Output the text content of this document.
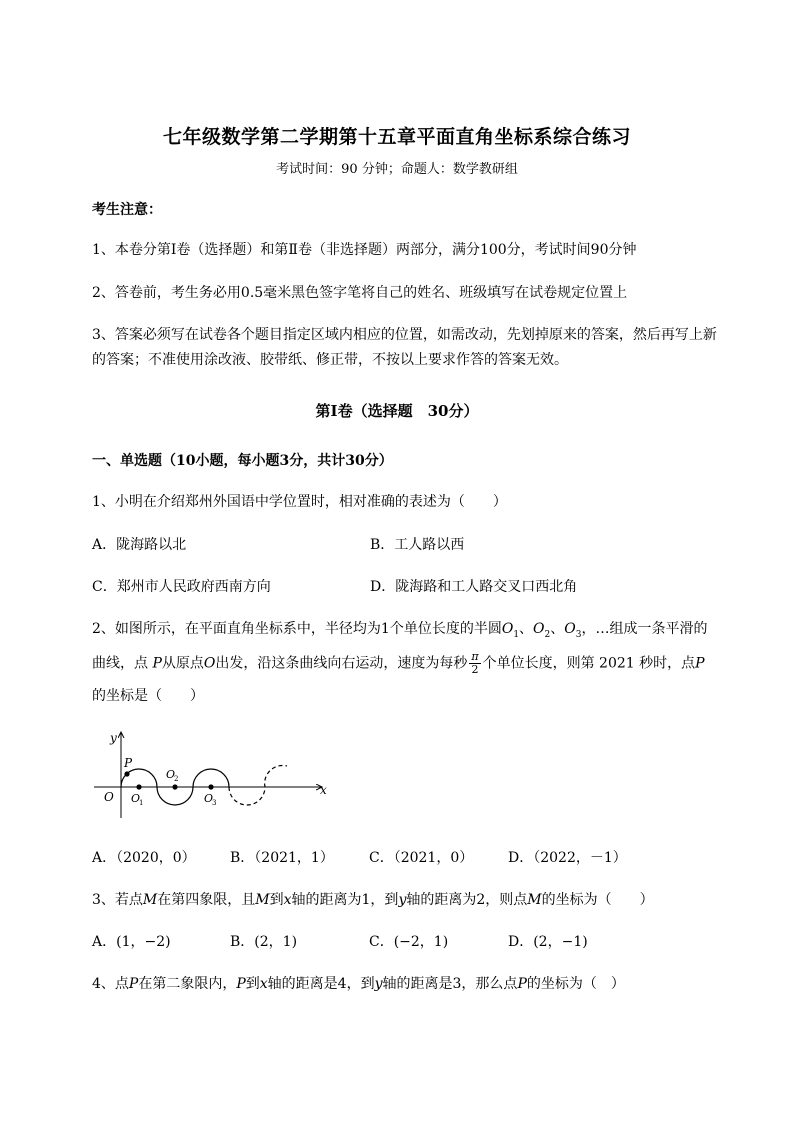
七年级数学第二学期第十五章平面直角坐标系综合练习
考试时间：90 分钟；命题人：数学教研组
考生注意：
1、本卷分第Ⅰ卷（选择题）和第Ⅱ卷（非选择题）两部分，满分100分，考试时间90分钟
2、答卷前，考生务必用0.5毫米黑色签字笔将自己的姓名、班级填写在试卷规定位置上
3、答案必须写在试卷各个题目指定区域内相应的位置，如需改动，先划掉原来的答案，然后再写上新
的答案；不准使用涂改液、胶带纸、修正带，不按以上要求作答的答案无效。
第Ⅰ卷（选择题　30分）
一、单选题（10小题，每小题3分，共计30分）
1、小明在介绍郑州外国语中学位置时，相对准确的表述为（　　）
A．陇海路以北	B．工人路以西
C．郑州市人民政府西南方向	D．陇海路和工人路交叉口西北角
2、如图所示，在平面直角坐标系中，半径均为1个单位长度的半圆$O_1$、$O_2$、$O_3$，…组成一条平滑的
曲线，点 P从原点O出发，沿这条曲线向右运动，速度为每秒 $\frac{\pi}{2}$ 个单位长度，则第 2021 秒时，点P
的坐标是（　　）
y
x
O
P
O
1
O
2
O
3
A．（2020，0） B．（2021，1）	C．（2021，0） D．（2022，－1）
3、若点M在第四象限，且M到x轴的距离为1，到y轴的距离为2，则点M的坐标为（　　）
A．(1，−2)	B．(2，1)	C．(−2，1)	D．(2，−1)
4、点P在第二象限内，P到x轴的距离是4，到y轴的距离是3，那么点P的坐标为（　）
